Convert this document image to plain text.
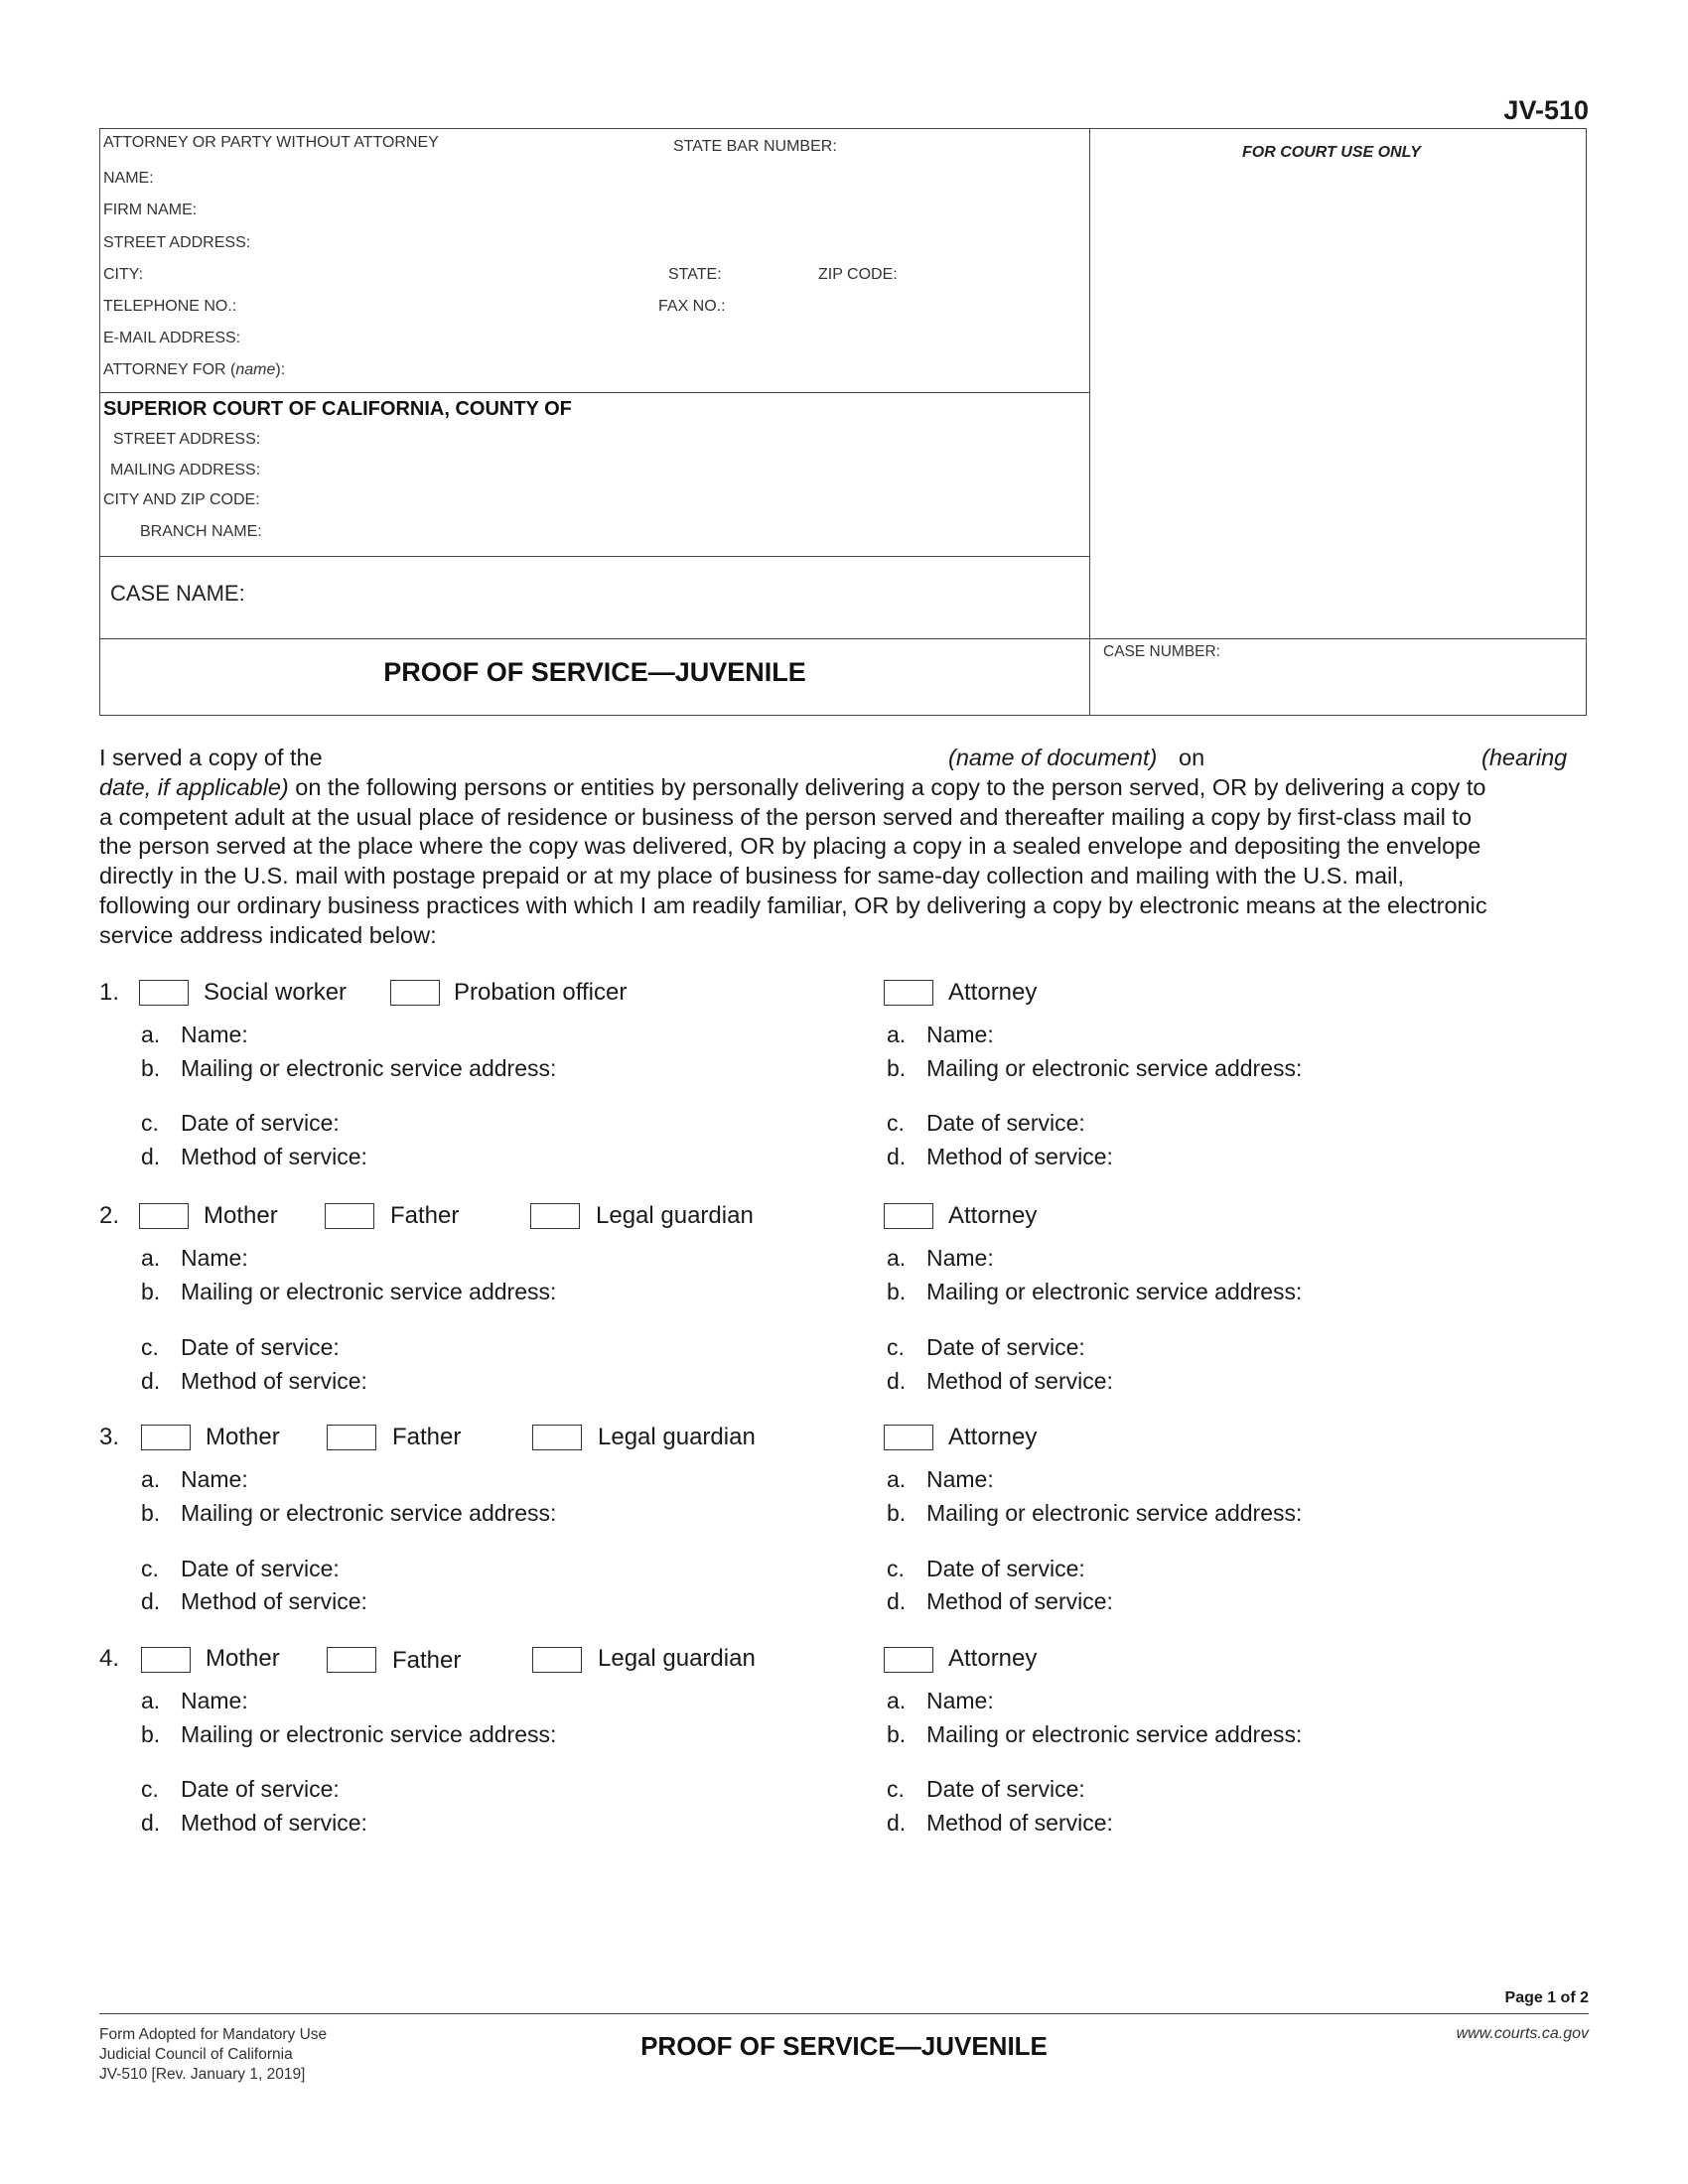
JV-510
ATTORNEY OR PARTY WITHOUT ATTORNEY	STATE BAR NUMBER:
NAME:
FIRM NAME:
STREET ADDRESS:
CITY:	STATE:	ZIP CODE:
TELEPHONE NO.:	FAX NO.:
E-MAIL ADDRESS:
ATTORNEY FOR (name):
SUPERIOR COURT OF CALIFORNIA, COUNTY OF
STREET ADDRESS:
MAILING ADDRESS:
CITY AND ZIP CODE:
BRANCH NAME:
CASE NAME:
FOR COURT USE ONLY
CASE NUMBER:
PROOF OF SERVICE—JUVENILE
I served a copy of the	(name of document) on	(hearing
date, if applicable) on the following persons or entities by personally delivering a copy to the person served, OR by delivering a copy to
a competent adult at the usual place of residence or business of the person served and thereafter mailing a copy by first-class mail to
the person served at the place where the copy was delivered, OR by placing a copy in a sealed envelope and depositing the envelope
directly in the U.S. mail with postage prepaid or at my place of business for same-day collection and mailing with the U.S. mail,
following our ordinary business practices with which I am readily familiar, OR by delivering a copy by electronic means at the electronic
service address indicated below:
1.	Social worker	Probation officer	Attorney
a. Name:
b. Mailing or electronic service address:
c. Date of service:
d. Method of service:
a. Name:
b. Mailing or electronic service address:
c. Date of service:
d. Method of service:
2.	Mother	Father	Legal guardian	Attorney
a. Name:
b. Mailing or electronic service address:
c. Date of service:
d. Method of service:
a. Name:
b. Mailing or electronic service address:
c. Date of service:
d. Method of service:
3.	Mother	Father	Legal guardian	Attorney
a. Name:
b. Mailing or electronic service address:
c. Date of service:
d. Method of service:
a. Name:
b. Mailing or electronic service address:
c. Date of service:
d. Method of service:
4.	Mother	Father	Legal guardian	Attorney
a. Name:
b. Mailing or electronic service address:
c. Date of service:
d. Method of service:
a. Name:
b. Mailing or electronic service address:
c. Date of service:
d. Method of service:
Page 1 of 2
Form Adopted for Mandatory Use
Judicial Council of California
JV-510 [Rev. January 1, 2019]
PROOF OF SERVICE—JUVENILE	www.courts.ca.gov
